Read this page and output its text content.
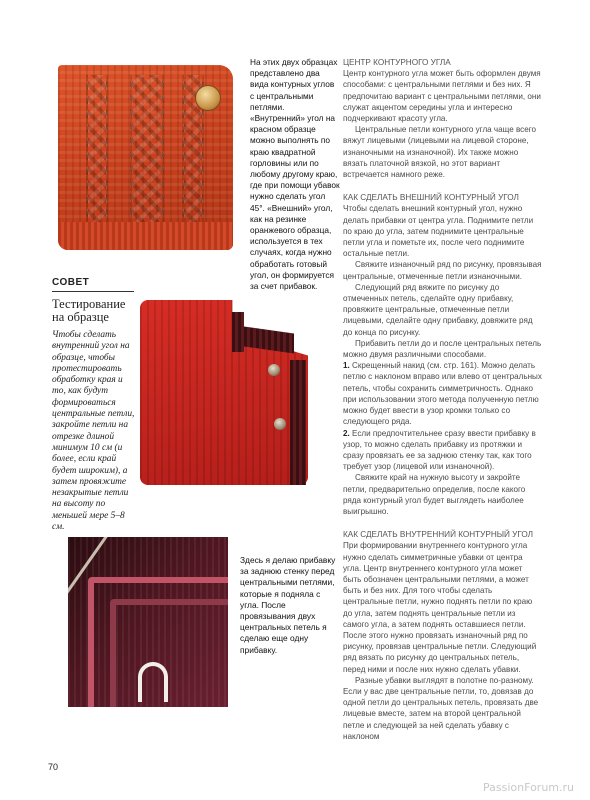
На этих двух образцах представлено два вида контурных углов с центральными петлями. «Внутренний» угол на красном образце можно выполнять по краю квадратной горловины или по любому другому краю, где при помощи убавок нужно сделать угол 45°. «Внешний» угол, как на резинке оранжевого образца, используется в тех случаях, когда нужно обработать готовый угол, он формируется за счет прибавок.
СОВЕТ
Тестирование на образце
Чтобы сделать внутренний угол на образце, чтобы протестировать обработку края и то, как будут формироваться центральные петли, закройте петли на отрезке длиной минимум 10 см (и более, если край будет широким), а затем провяжите незакрытые петли на высоту по меньшей мере 5–8 см.
ЦЕНТР КОНТУРНОГО УГЛА

Центр контурного угла может быть оформлен двумя способами: с центральными петлями и без них. Я предпочитаю вариант с центральными петлями, они служат акцентом середины угла и интересно подчеркивают красоту угла.

Центральные петли контурного угла чаще всего вяжут лицевыми (лицевыми на лицевой стороне, изнаночными на изнаночной). Их также можно вязать платочной вязкой, но этот вариант встречается намного реже.

КАК СДЕЛАТЬ ВНЕШНИЙ КОНТУРНЫЙ УГОЛ

Чтобы сделать внешний контурный угол, нужно делать прибавки от центра угла. Поднимите петли по краю до угла, затем поднимите центральные петли угла и пометьте их, после чего поднимите остальные петли.

Свяжите изнаночный ряд по рисунку, провязывая центральные, отмеченные петли изнаночными.

Следующий ряд вяжите по рисунку до отмеченных петель, сделайте одну прибавку, провяжите центральные, отмеченные петли лицевыми, сделайте одну прибавку, довяжите ряд до конца по рисунку.

Прибавить петли до и после центральных петель можно двумя различными способами.

1. Скрещенный накид (см. стр. 161). Можно делать петлю с наклоном вправо или влево от центральных петель, чтобы сохранить симметричность. Однако при использовании этого метода полученную петлю можно будет ввести в узор кромки только со следующего ряда.

2. Если предпочтительнее сразу ввести прибавку в узор, то можно сделать прибавку из протяжки и сразу провязать ее за заднюю стенку так, как того требует узор (лицевой или изнаночной).

Свяжите край на нужную высоту и закройте петли, предварительно определив, после какого ряда контурный угол будет выглядеть наиболее выигрышно.

КАК СДЕЛАТЬ ВНУТРЕННИЙ КОНТУРНЫЙ УГОЛ

При формировании внутреннего контурного угла нужно сделать симметричные убавки от центра угла. Центр внутреннего контурного угла может быть обозначен центральными петлями, а может быть и без них. Для того чтобы сделать центральные петли, нужно поднять петли по краю до угла, затем поднять центральные петли из самого угла, а затем поднять оставшиеся петли. После этого нужно провязать изнаночный ряд по рисунку, провязав центральные петли. Следующий ряд вязать по рисунку до центральных петель, перед ними и после них нужно сделать убавки.

Разные убавки выглядят в полотне по-разному. Если у вас две центральные петли, то, довязав до одной петли до центральных петель, провязать две лицевые вместе, затем на второй центральной петле и следующей за ней сделать убавку с наклоном

Здесь я делаю прибавку за заднюю стенку перед центральными петлями, которые я подняла с угла. После провязывания двух центральных петель я сделаю еще одну прибавку.
70
PassionForum.ru
